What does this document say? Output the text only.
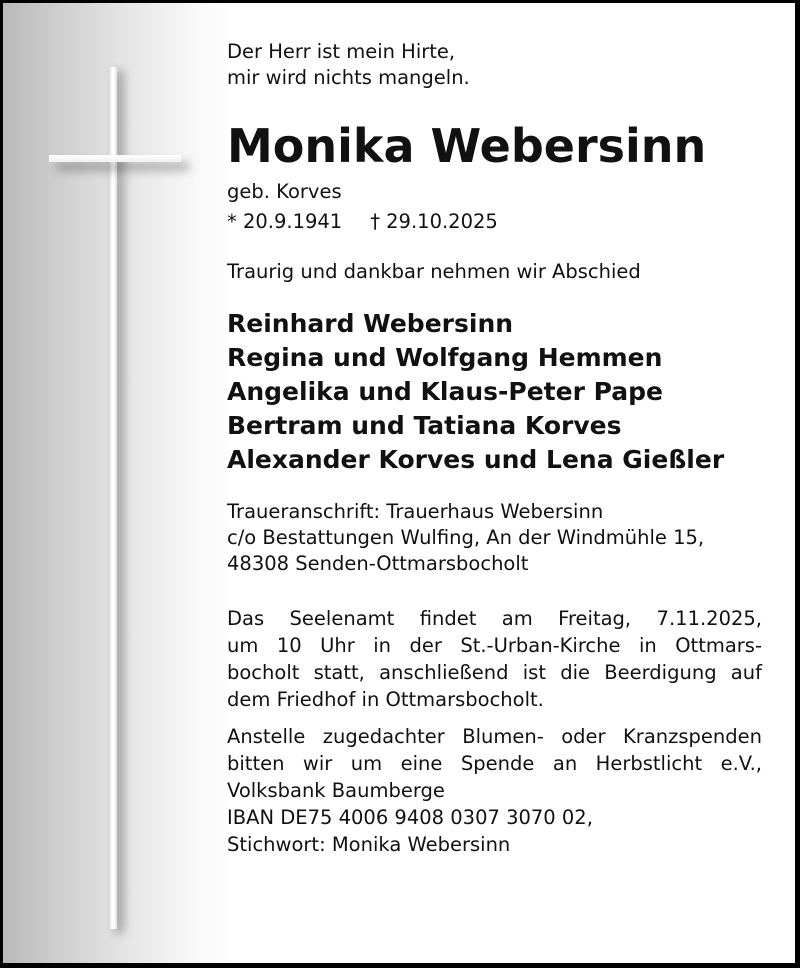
Der Herr ist mein Hirte,
mir wird nichts mangeln.
Monika Webersinn
geb. Korves
* 20.9.1941 † 29.10.2025
Traurig und dankbar nehmen wir Abschied
Reinhard Webersinn
Regina und Wolfgang Hemmen
Angelika und Klaus-Peter Pape
Bertram und Tatiana Korves
Alexander Korves und Lena Gießler
Traueranschrift: Trauerhaus Webersinn
c/o Bestattungen Wulfing, An der Windmühle 15,
48308 Senden-Ottmarsbocholt
Das Seelenamt findet am Freitag, 7.11.2025,
um 10 Uhr in der St.-Urban-Kirche in Ottmars-
bocholt statt, anschließend ist die Beerdigung auf
dem Friedhof in Ottmarsbocholt.
Anstelle zugedachter Blumen- oder Kranzspenden
bitten wir um eine Spende an Herbstlicht e.V.,
Volksbank Baumberge
IBAN DE75 4006 9408 0307 3070 02,
Stichwort: Monika Webersinn
